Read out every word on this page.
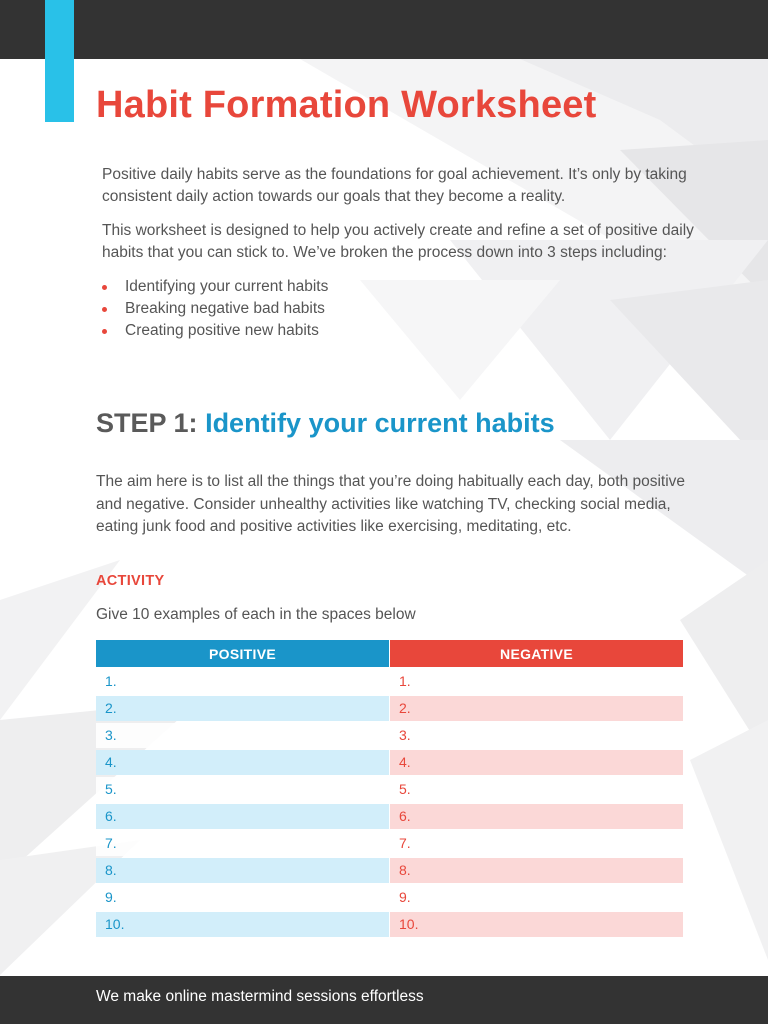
Habit Formation Worksheet

Positive daily habits serve as the foundations for goal achievement. It’s only by taking consistent daily action towards our goals that they become a reality.

This worksheet is designed to help you actively create and refine a set of positive daily habits that you can stick to. We’ve broken the process down into 3 steps including:

Identifying your current habits
Breaking negative bad habits
Creating positive new habits
STEP 1: Identify your current habits

The aim here is to list all the things that you’re doing habitually each day, both positive and negative. Consider unhealthy activities like watching TV, checking social media, eating junk food and positive activities like exercising, meditating, etc.

ACTIVITY

Give 10 examples of each in the spaces below

POSITIVE	NEGATIVE
1.
2.
3.
4.
5.
6.
7.
8.
9.
10.
1.
2.
3.
4.
5.
6.
7.
8.
9.
10.
We make online mastermind sessions effortless
